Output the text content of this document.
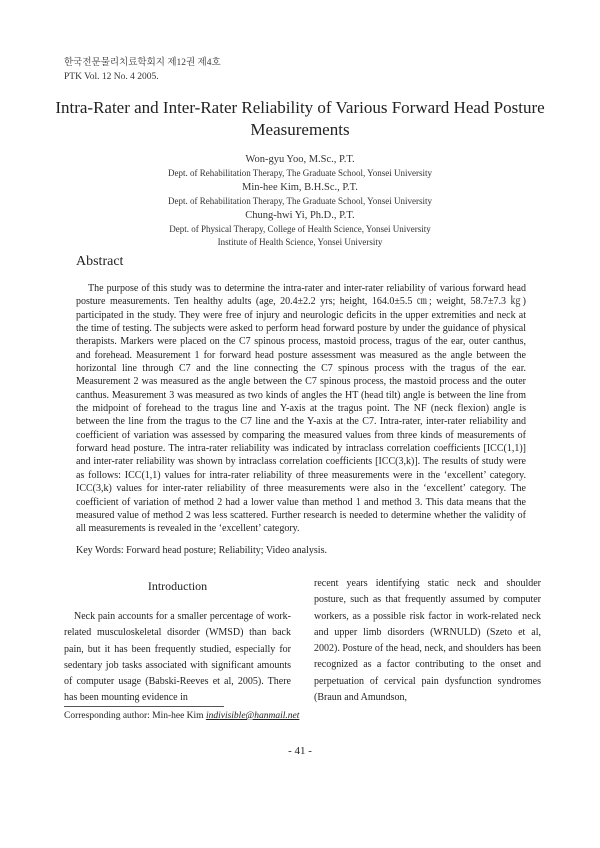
한국전문물리치료학회지 제12권 제4호
PTK Vol. 12 No. 4 2005.
Intra-Rater and Inter-Rater Reliability of Various Forward Head Posture Measurements
Won-gyu Yoo, M.Sc., P.T.
Dept. of Rehabilitation Therapy, The Graduate School, Yonsei University
Min-hee Kim, B.H.Sc., P.T.
Dept. of Rehabilitation Therapy, The Graduate School, Yonsei University
Chung-hwi Yi, Ph.D., P.T.
Dept. of Physical Therapy, College of Health Science, Yonsei University
Institute of Health Science, Yonsei University
Abstract
The purpose of this study was to determine the intra-rater and inter-rater reliability of various forward head posture measurements. Ten healthy adults (age, 20.4±2.2 yrs; height, 164.0±5.5 ㎝; weight, 58.7±7.3 ㎏) participated in the study. They were free of injury and neurologic deficits in the upper extremities and neck at the time of testing. The subjects were asked to perform head forward posture by under the guidance of physical therapists. Markers were placed on the C7 spinous process, mastoid process, tragus of the ear, outer canthus, and forehead. Measurement 1 for forward head posture assessment was measured as the angle between the horizontal line through C7 and the line connecting the C7 spinous process with the tragus of the ear. Measurement 2 was measured as the angle between the C7 spinous process, the mastoid process and the outer canthus. Measurement 3 was measured as two kinds of angles the HT (head tilt) angle is between the line from the midpoint of forehead to the tragus line and Y-axis at the tragus point. The NF (neck flexion) angle is between the line from the tragus to the C7 line and the Y-axis at the C7. Intra-rater, inter-rater reliability and coefficient of variation was assessed by comparing the measured values from three kinds of measurements of forward head posture. The intra-rater reliability was indicated by intraclass correlation coefficients [ICC(1,1)] and inter-rater reliability was shown by intraclass correlation coefficients [ICC(3,k)]. The results of study were as follows: ICC(1,1) values for intra-rater reliability of three measurements were in the ‘excellent’ category. ICC(3,k) values for inter-rater reliability of three measurements were also in the ‘excellent’ category. The coefficient of variation of method 2 had a lower value than method 1 and method 3. This data means that the measured value of method 2 was less scattered. Further research is needed to determine whether the validity of all measurements is revealed in the ‘excellent’ category.
Key Words: Forward head posture; Reliability; Video analysis.
Introduction
Neck pain accounts for a smaller percentage of work-related musculoskeletal disorder (WMSD) than back pain, but it has been frequently studied, especially for sedentary job tasks associated with significant amounts of computer usage (Babski-Reeves et al, 2005). There has been mounting evidence in
recent years identifying static neck and shoulder posture, such as that frequently assumed by computer workers, as a possible risk factor in work-related neck and upper limb disorders (WRNULD) (Szeto et al, 2002). Posture of the head, neck, and shoulders has been recognized as a factor contributing to the onset and perpetuation of cervical pain dysfunction syndromes (Braun and Amundson,
Corresponding author: Min-hee Kim indivisible@hanmail.net
- 41 -
